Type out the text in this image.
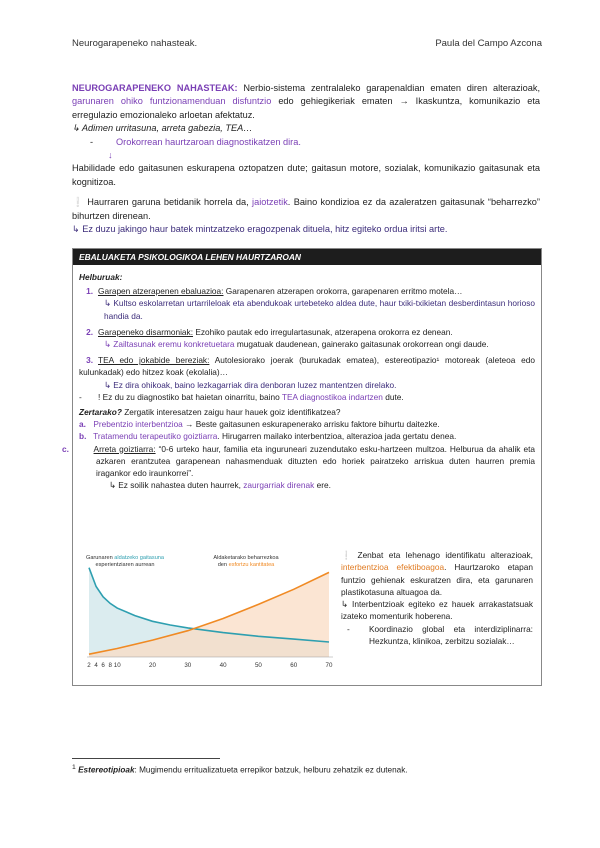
Neurogarapeneko nahasteak.	Paula del Campo Azcona

NEUROGARAPENEKO NAHASTEAK: Nerbio-sistema zentralaleko garapenaldian ematen diren alterazioak, garunaren ohiko funtzionamenduan disfuntzio edo gehiegikeriak ematen → Ikaskuntza, komunikazio eta erregulazio emozionaleko arloetan afektatuz.

↳ Adimen urritasuna, arreta gabezia, TEA…

- Orokorrean haurtzaroan diagnostikatzen dira.

↓

Habilidade edo gaitasunen eskurapena oztopatzen dute; gaitasun motore, sozialak, komunikazio gaitasunak eta kognitizoa.

❕ Haurraren garuna betidanik horrela da, jaiotzetik. Baino kondizioa ez da azaleratzen gaitasunak “beharrezko” bihurtzen direnean.

↳ Ez duzu jakingo haur batek mintzatzeko eragozpenak dituela, hitz egiteko ordua iritsi arte.

EBALUAKETA PSIKOLOGIKOA LEHEN HAURTZAROAN

Helburuak:

1. Garapen atzerapenen ebaluazioa: Garapenaren atzerapen orokorra, garapenaren erritmo motela…

↳ Kultso eskolarretan urtarrileloak eta abendukoak urtebeteko aldea dute, haur txiki-txikietan desberdintasun horioso handia da.

2. Garapeneko disarmoniak: Ezohiko pautak edo irregulartasunak, atzerapena orokorra ez denean.

↳ Zailtasunak eremu konkretuetara mugatuak daudenean, gainerako gaitasunak orokorrean ongi daude.

3. TEA edo jokabide bereziak: Autolesiorako joerak (burukadak ematea), estereotipazio¹ motoreak (aleteoa edo kulunkadak) edo hitzez koak (ekolalia)…

↳ Ez dira ohikoak, baino lezkagarriak dira denboran luzez mantentzen direlako.

- ! Ez du zu diagnostiko bat haietan oinarritu, baino TEA diagnostikoa indartzen dute.

Zertarako? Zergatik interesatzen zaigu haur hauek goiz identifikatzea?

a. Prebentzio interbentzioa → Beste gaitasunen eskurapenerako arrisku faktore bihurtu daitezke.

b. Tratamendu terapeutiko goiztiarra. Hirugarren mailako interbentzioa, alterazioa jada gertatu denea.

c.	Arreta goiztiarra: “0-6 urteko haur, familia eta inguruneari zuzendutako esku-hartzeen multzoa. Helburua da ahalik eta azkaren erantzutea garapenean nahasmenduak dituzten edo horiek pairatzeko arriskua duten haurren premia iragankor edo iraunkorrei”.

↳ Ez soilik nahastea duten haurrek, zaurgarriak direnak ere.

2 4 6 8 10	20	30	40	50	60	70
Garunaren aldatzeko gaitasuna
esperientziaren aurrean
Aldaketarako beharrezkoa
den esfortzu kantitatea

❕ Zenbat eta lehenago identifikatu alterazioak, interbentzioa efektiboagoa. Haurtzaroko etapan funtzio gehienak eskuratzen dira, eta garunaren plastikotasuna altuagoa da.

↳ Interbentzioak egiteko ez hauek arrakastatsuak izateko momenturik hoberena.

-	Koordinazio global eta interdiziplinarra: Hezkuntza, klinikoa, zerbitzu sozialak…

$^1$ Estereotipioak: Mugimendu erritualizatueta errepikor batzuk, helburu zehatzik ez dutenak.
